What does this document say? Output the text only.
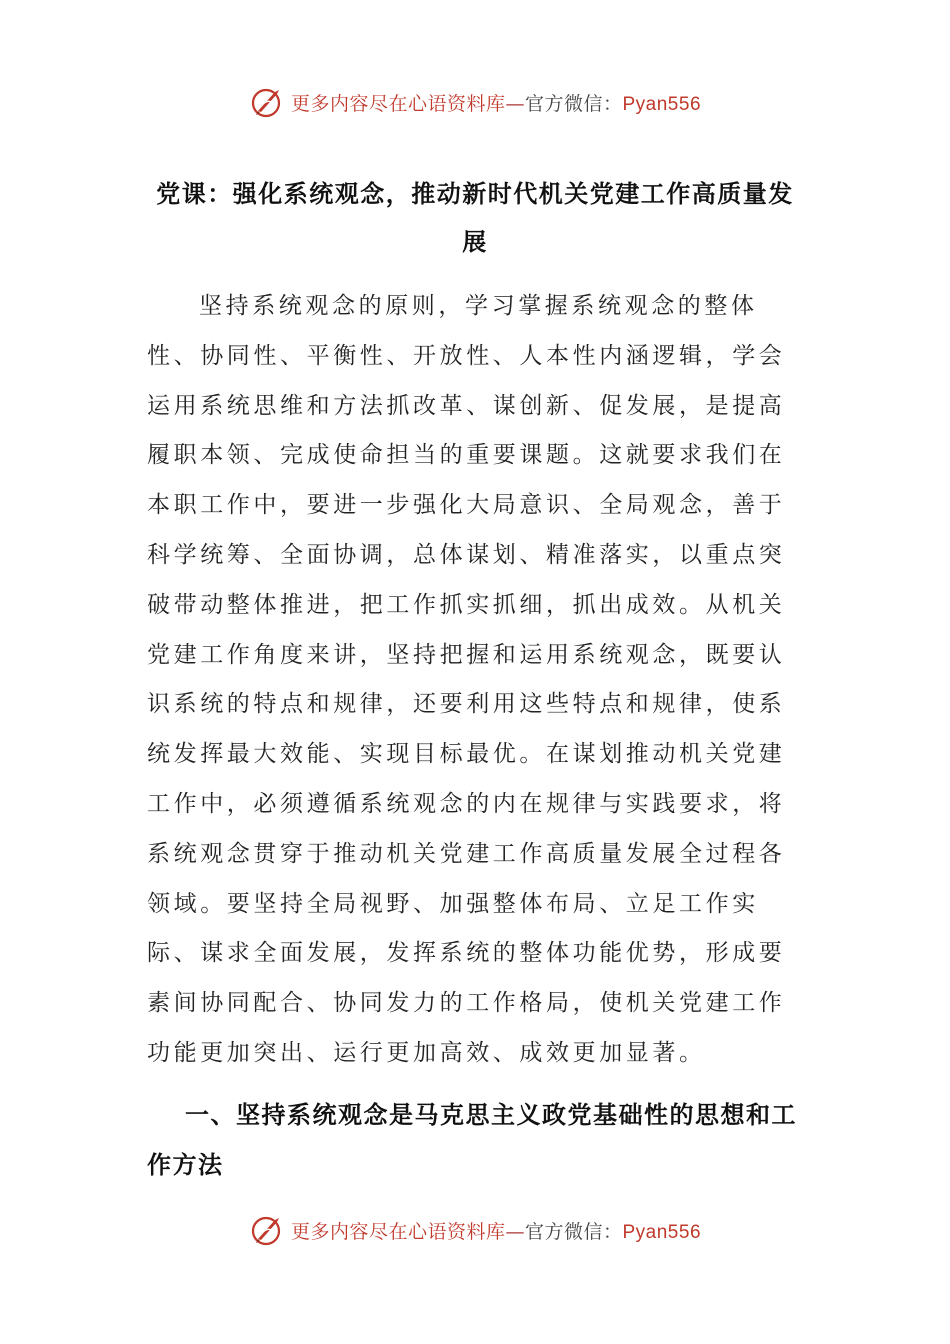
更多内容尽在心语资料库—官方微信：Pyan556
党课：强化系统观念，推动新时代机关党建工作高质量发展

坚持系统观念的原则，学习掌握系统观念的整体性、协同性、平衡性、开放性、人本性内涵逻辑，学会运用系统思维和方法抓改革、谋创新、促发展，是提高履职本领、完成使命担当的重要课题。这就要求我们在本职工作中，要进一步强化大局意识、全局观念，善于科学统筹、全面协调，总体谋划、精准落实，以重点突破带动整体推进，把工作抓实抓细，抓出成效。从机关党建工作角度来讲，坚持把握和运用系统观念，既要认识系统的特点和规律，还要利用这些特点和规律，使系统发挥最大效能、实现目标最优。在谋划推动机关党建工作中，必须遵循系统观念的内在规律与实践要求，将系统观念贯穿于推动机关党建工作高质量发展全过程各领域。要坚持全局视野、加强整体布局、立足工作实际、谋求全面发展，发挥系统的整体功能优势，形成要素间协同配合、协同发力的工作格局，使机关党建工作功能更加突出、运行更加高效、成效更加显著。

一、坚持系统观念是马克思主义政党基础性的思想和工作方法

更多内容尽在心语资料库—官方微信：Pyan556
